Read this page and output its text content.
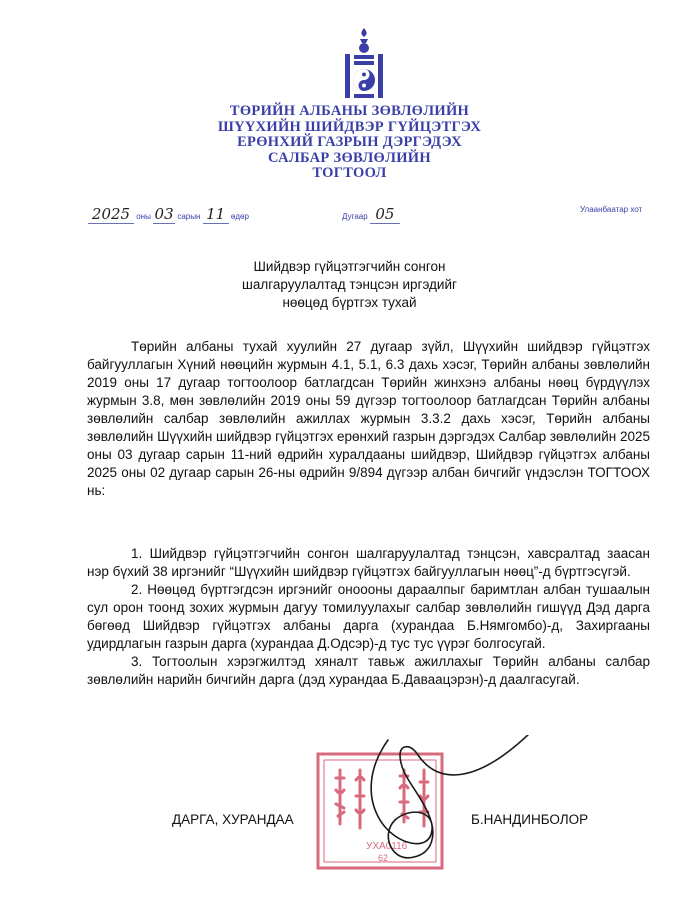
ТӨРИЙН АЛБАНЫ ЗӨВЛӨЛИЙН
ШҮҮХИЙН ШИЙДВЭР ГҮЙЦЭТГЭХ
ЕРӨНХИЙ ГАЗРЫН ДЭРГЭДЭХ
САЛБАР ЗӨВЛӨЛИЙН
ТОГТООЛ
2025 оны 03 сарын 11 өдөр	Дугаар 05	Улаанбаатар хот
Шийдвэр гүйцэтгэгчийн сонгон
шалгаруулалтад тэнцсэн иргэдийг
нөөцөд бүртгэх тухай

Төрийн албаны тухай хуулийн 27 дугаар зүйл, Шүүхийн шийдвэр гүйцэтгэх байгууллагын Хүний нөөцийн журмын 4.1, 5.1, 6.3 дахь хэсэг, Төрийн албаны зөвлөлийн 2019 оны 17 дугаар тогтоолоор батлагдсан Төрийн жинхэнэ албаны нөөц бүрдүүлэх журмын 3.8, мөн зөвлөлийн 2019 оны 59 дүгээр тогтоолоор батлагдсан Төрийн албаны зөвлөлийн салбар зөвлөлийн ажиллах журмын 3.3.2 дахь хэсэг, Төрийн албаны зөвлөлийн Шүүхийн шийдвэр гүйцэтгэх ерөнхий газрын дэргэдэх Салбар зөвлөлийн 2025 оны 03 дугаар сарын 11-ний өдрийн хуралдааны шийдвэр, Шийдвэр гүйцэтгэх албаны 2025 оны 02 дугаар сарын 26-ны өдрийн 9/894 дүгээр албан бичгийг үндэслэн ТОГТООХ нь:

1. Шийдвэр гүйцэтгэгчийн сонгон шалгаруулалтад тэнцсэн, хавсралтад заасан нэр бүхий 38 иргэнийг “Шүүхийн шийдвэр гүйцэтгэх байгууллагын нөөц”-д бүртгэсүгэй.

2. Нөөцөд бүртгэгдсэн иргэнийг оноооны дараалпыг баримтлан албан тушаалын сул орон тоонд зохих журмын дагуу томилуулахыг салбар зөвлөлийн гишүүд Дэд дарга бөгөөд Шийдвэр гүйцэтгэх албаны дарга (хурандаа Б.Нямгомбо)-д, Захиргааны удирдлагын газрын дарга (хурандаа Д.Одсэр)-д тус тус үүрэг болгосугай.

3. Тогтоолын хэрэгжилтэд хяналт тавьж ажиллахыг Төрийн албаны салбар зөвлөлийн нарийн бичгийн дарга (дэд хурандаа Б.Даваацэрэн)-д даалгасугай.

УХА0116
62
ДАРГА, ХУРАНДАА	Б.НАНДИНБОЛОР
